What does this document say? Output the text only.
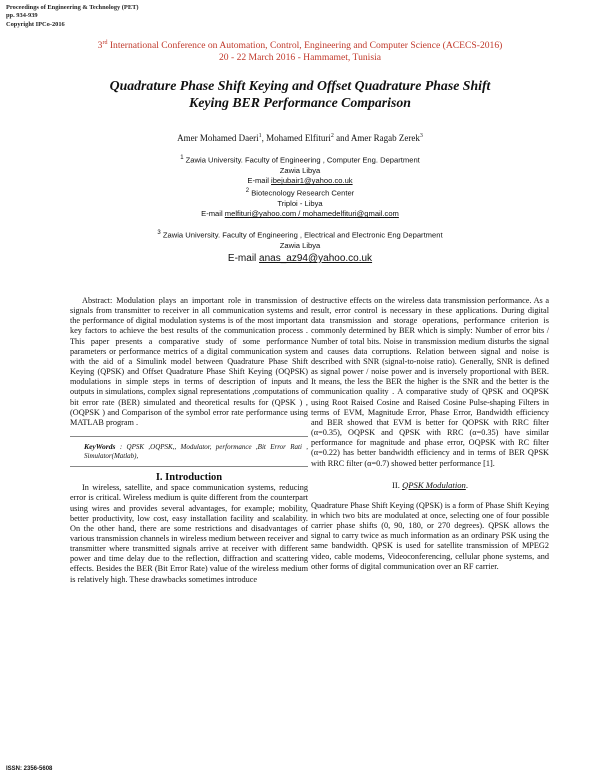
Proceedings of Engineering & Technology (PET)
pp. 934-939
Copyright IPCo-2016
3rd International Conference on Automation, Control, Engineering and Computer Science (ACECS-2016)
20 - 22 March 2016 - Hammamet, Tunisia
Quadrature Phase Shift Keying and Offset Quadrature Phase Shift
Keying BER Performance Comparison
Amer Mohamed Daeri$^1$, Mohamed Elfituri$^2$ and Amer Ragab Zerek$^3$
$^1$ Zawia University. Faculty of Engineering , Computer Eng. Department
Zawia Libya
E-mail ibejubair1@yahoo.co.uk
$^2$ Biotecnology Research Center
Triploi - Libya
E-mail melfituri@yahoo.com / mohamedelfituri@gmail.com
$^3$ Zawia University. Faculty of Engineering , Electrical and Electronic Eng Department
Zawia Libya
E-mail anas_az94@yahoo.co.uk

Abstract: Modulation plays an important role in transmission of signals from transmitter to receiver in all communication systems and the performance of digital modulation systems is of the most important key factors to achieve the best results of the communication process . This paper presents a comparative study of some performance parameters or performance metrics of a digital communication system with the aid of a Simulink model between Quadrature Phase Shift Keying (QPSK) and Offset Quadrature Phase Shift Keying (OQPSK) modulations in simple steps in terms of description of inputs and outputs in simulations, complex signal representations ,computations of bit error rate (BER) simulated and theoretical results for (QPSK ) , (OQPSK ) and Comparison of the symbol error rate performance using MATLAB program .

KeyWords : QPSK ,OQPSK,, Modulator, performance ,Bit Error Rati , Simulator(Matlab),
I. Introduction

In wireless, satellite, and space communication systems, reducing error is critical. Wireless medium is quite different from the counterpart using wires and provides several advantages, for example; mobility, better productivity, low cost, easy installation facility and scalability. On the other hand, there are some restrictions and disadvantages of various transmission channels in wireless medium between receiver and transmitter where transmitted signals arrive at receiver with different power and time delay due to the reflection, diffraction and scattering effects. Besides the BER (Bit Error Rate) value of the wireless medium is relatively high. These drawbacks sometimes introduce

destructive effects on the wireless data transmission performance. As a result, error control is necessary in these applications. During digital data transmission and storage operations, performance criterion is commonly determined by BER which is simply: Number of error bits / Number of total bits. Noise in transmission medium disturbs the signal and causes data corruptions. Relation between signal and noise is described with SNR (signal-to-noise ratio). Generally, SNR is defined as signal power / noise power and is inversely proportional with BER. It means, the less the BER the higher is the SNR and the better is the communication quality . A comparative study of QPSK and OQPSK using Root Raised Cosine and Raised Cosine Pulse-shaping Filters in terms of EVM, Magnitude Error, Phase Error, Bandwidth efficiency and BER showed that EVM is better for QOPSK with RRC filter (α=0.35), OQPSK and QPSK with RRC (α=0.35) have similar performance for magnitude and phase error, OQPSK with RC filter (α=0.22) has better bandwidth efficiency and in terms of BER QPSK with RRC filter (α=0.7) showed better performance [1].

II. QPSK Modulation.

Quadrature Phase Shift Keying (QPSK) is a form of Phase Shift Keying in which two bits are modulated at once, selecting one of four possible carrier phase shifts (0, 90, 180, or 270 degrees). QPSK allows the signal to carry twice as much information as an ordinary PSK using the same bandwidth. QPSK is used for satellite transmission of MPEG2 video, cable modems, Videoconferencing, cellular phone systems, and other forms of digital communication over an RF carrier.

ISSN: 2356-5608
